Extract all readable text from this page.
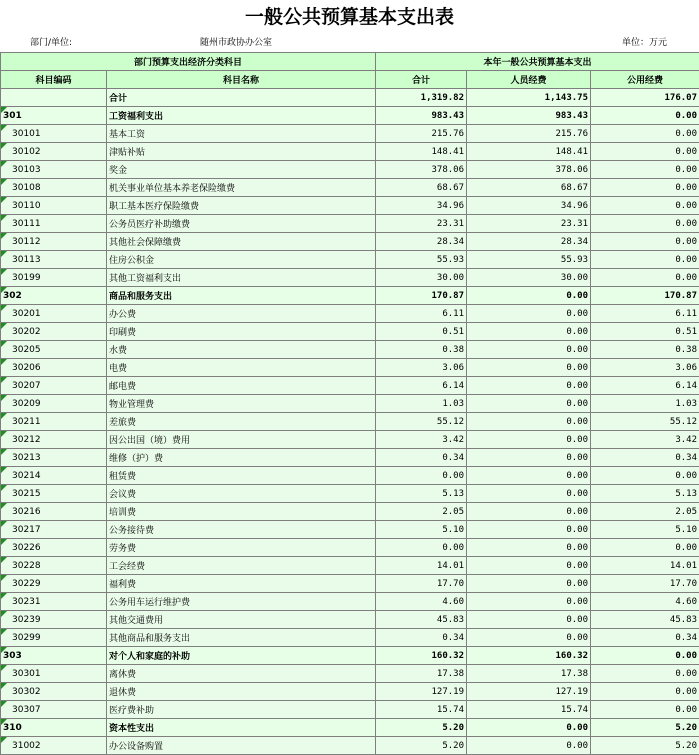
一般公共预算基本支出表
部门/单位:	随州市政协办公室	单位：万元
部门预算支出经济分类科目		本年一般公共预算基本支出		
科目编码	科目名称	合计	人员经费	公用经费
	合计	1,319.82	1,143.75	176.07
301	工资福利支出	983.43	983.43	0.00
30101	基本工资	215.76	215.76	0.00
30102	津贴补贴	148.41	148.41	0.00
30103	奖金	378.06	378.06	0.00
30108	机关事业单位基本养老保险缴费	68.67	68.67	0.00
30110	职工基本医疗保险缴费	34.96	34.96	0.00
30111	公务员医疗补助缴费	23.31	23.31	0.00
30112	其他社会保障缴费	28.34	28.34	0.00
30113	住房公积金	55.93	55.93	0.00
30199	其他工资福利支出	30.00	30.00	0.00
302	商品和服务支出	170.87	0.00	170.87
30201	办公费	6.11	0.00	6.11
30202	印刷费	0.51	0.00	0.51
30205	水费	0.38	0.00	0.38
30206	电费	3.06	0.00	3.06
30207	邮电费	6.14	0.00	6.14
30209	物业管理费	1.03	0.00	1.03
30211	差旅费	55.12	0.00	55.12
30212	因公出国（境）费用	3.42	0.00	3.42
30213	维修（护）费	0.34	0.00	0.34
30214	租赁费	0.00	0.00	0.00
30215	会议费	5.13	0.00	5.13
30216	培训费	2.05	0.00	2.05
30217	公务接待费	5.10	0.00	5.10
30226	劳务费	0.00	0.00	0.00
30228	工会经费	14.01	0.00	14.01
30229	福利费	17.70	0.00	17.70
30231	公务用车运行维护费	4.60	0.00	4.60
30239	其他交通费用	45.83	0.00	45.83
30299	其他商品和服务支出	0.34	0.00	0.34
303	对个人和家庭的补助	160.32	160.32	0.00
30301	离休费	17.38	17.38	0.00
30302	退休费	127.19	127.19	0.00
30307	医疗费补助	15.74	15.74	0.00
310	资本性支出	5.20	0.00	5.20
31002	办公设备购置	5.20	0.00	5.20
